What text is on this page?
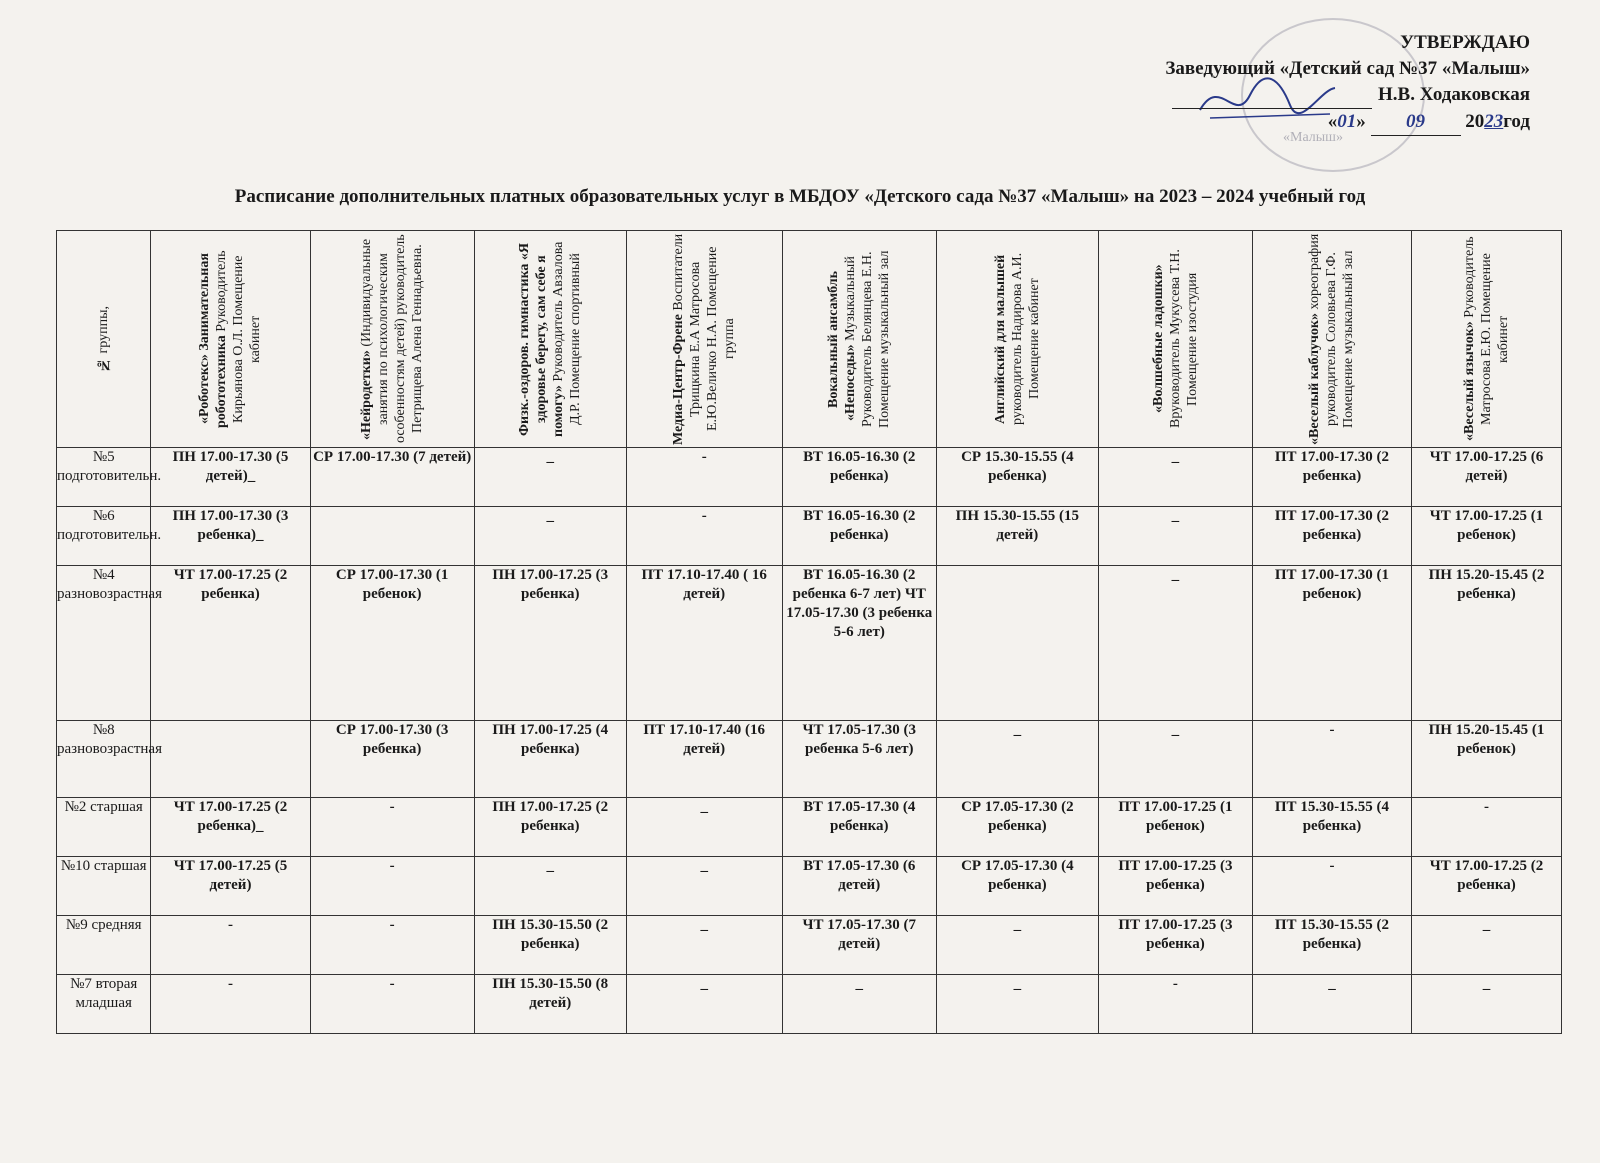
«Малыш»
УТВЕРЖДАЮ
Заведующий «Детский сад №37 «Малыш»
Н.В. Ходаковская
«01» 09 2023год
Расписание дополнительных платных образовательных услуг в МБДОУ «Детского сада №37 «Малыш» на 2023 – 2024 учебный год
№ группы,	«Роботекс» Занимательная робототехника Руководитель Кирьянова О.Л. Помещение кабинет	«Нейродетки» (Индивидуальные занятия по психологическим особенностям детей) руководитель Петрищева Алена Геннадьевна.	Физк.-оздоров. гимнастика «Я здоровье берегу, сам себе я помогу» Руководитель Авзалова Д.Р. Помещение спортивный	Медиа-Центр-Френе Воспитатели Трищкина Е.А Матросова Е.Ю.Величко Н.А. Помещение группа	Вокальный ансамбль «Непоседы» Музыкальный Руководитель Белянцева Е.Н. Помещение музыкальный зал	Английский для малышей руководитель Надирова А.И. Помещение кабинет	«Волшебные ладошки» Вруководитель Мукусева Т.Н. Помещение изостудия	«Веселый каблучок» хореография руководитель Соловьева Г.Ф. Помещение музыкальный зал	«Веселый язычок» Руководитель Матросова Е.Ю. Помещение кабинет

№5 подготовительн.	ПН 17.00-17.30 (5 детей)_	СР 17.00-17.30 (7 детей)	_	-	ВТ 16.05-16.30 (2 ребенка)	СР 15.30-15.55 (4 ребенка)	_	ПТ 17.00-17.30 (2 ребенка)	ЧТ 17.00-17.25 (6 детей)
№6 подготовительн.	ПН 17.00-17.30 (3 ребенка)_		_	-	ВТ 16.05-16.30 (2 ребенка)	ПН 15.30-15.55 (15 детей)	_	ПТ 17.00-17.30 (2 ребенка)	ЧТ 17.00-17.25 (1 ребенок)
№4 разновозрастная	ЧТ 17.00-17.25 (2 ребенка)	СР 17.00-17.30 (1 ребенок)	ПН 17.00-17.25 (3 ребенка)	ПТ 17.10-17.40 ( 16 детей)	ВТ 16.05-16.30 (2 ребенка 6-7 лет) ЧТ 17.05-17.30 (3 ребенка 5-6 лет)		_	ПТ 17.00-17.30 (1 ребенок)	ПН 15.20-15.45 (2 ребенка)
№8 разновозрастная		СР 17.00-17.30 (3 ребенка)	ПН 17.00-17.25 (4 ребенка)	ПТ 17.10-17.40 (16 детей)	ЧТ 17.05-17.30 (3 ребенка 5-6 лет)	_	_	-	ПН 15.20-15.45 (1 ребенок)
№2 старшая	ЧТ 17.00-17.25 (2 ребенка)_	-	ПН 17.00-17.25 (2 ребенка)	_	ВТ 17.05-17.30 (4 ребенка)	СР 17.05-17.30 (2 ребенка)	ПТ 17.00-17.25 (1 ребенок)	ПТ 15.30-15.55 (4 ребенка)	-
№10 старшая	ЧТ 17.00-17.25 (5 детей)	-	_	_	ВТ 17.05-17.30 (6 детей)	СР 17.05-17.30 (4 ребенка)	ПТ 17.00-17.25 (3 ребенка)	-	ЧТ 17.00-17.25 (2 ребенка)
№9 средняя	-	-	ПН 15.30-15.50 (2 ребенка)	_	ЧТ 17.05-17.30 (7 детей)	_	ПТ 17.00-17.25 (3 ребенка)	ПТ 15.30-15.55 (2 ребенка)	_
№7 вторая младшая	-	-	ПН 15.30-15.50 (8 детей)	_	_	_	-	_	_
